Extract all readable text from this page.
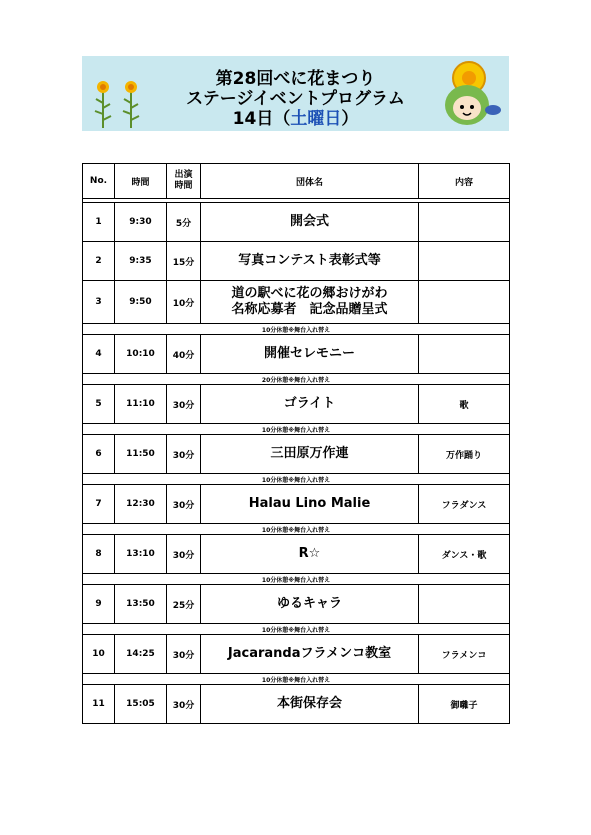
第28回べに花まつり
ステージイベントプログラム
14日（土曜日）
No.	時間	出演時間	団体名	内容

1	9:30	5分	開会式	
2	9:35	15分	写真コンテスト表彰式等	
3	9:50	10分	道の駅べに花の郷おけがわ
名称応募者　記念品贈呈式	
10分休憩※舞台入れ替え				
4	10:10	40分	開催セレモニー	
20分休憩※舞台入れ替え				
5	11:10	30分	ゴライト	歌
10分休憩※舞台入れ替え				
6	11:50	30分	三田原万作連	万作踊り
10分休憩※舞台入れ替え				
7	12:30	30分	Halau Lino Malie	フラダンス
10分休憩※舞台入れ替え				
8	13:10	30分	R☆	ダンス・歌
10分休憩※舞台入れ替え				
9	13:50	25分	ゆるキャラ	
10分休憩※舞台入れ替え				
10	14:25	30分	Jacarandaフラメンコ教室	フラメンコ
10分休憩※舞台入れ替え				
11	15:05	30分	本街保存会	御囃子
